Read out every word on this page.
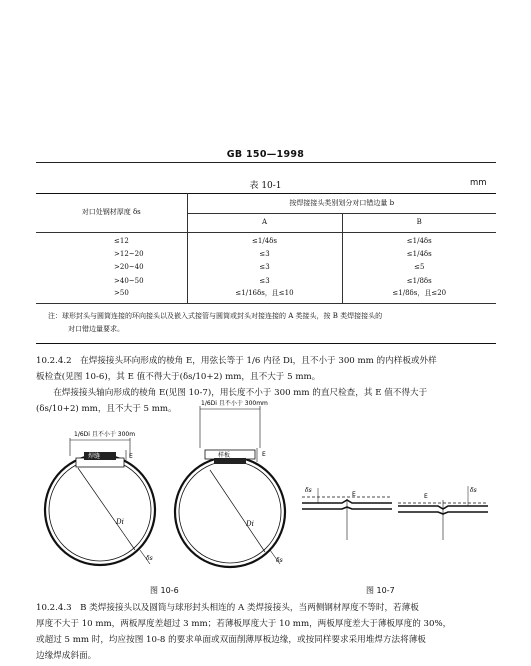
GB 150—1998
表 10-1	mm
对口处钢材厚度 δs	按焊接接头类别划分对口错边量 b	
	A	B
≤12	≤1/4δs	≤1/4δs
>12~20	≤3	≤1/4δs
>20~40	≤3	≤5
>40~50	≤3	≤1/8δs
>50	≤1/16δs，且≤10	≤1/8δs，且≤20

注：球形封头与圆筒连接的环向接头以及嵌入式接管与圆筒或封头对接连接的 A 类接头，按 B 类焊接接头的
对口错边量要求。		
10.2.4.2　在焊接接头环向形成的棱角 E，用弦长等于 1/6 内径 Di，且不小于 300 mm 的内样板或外样
板检查(见图 10-6)，其 E 值不得大于(δs/10+2) mm，且不大于 5 mm。
　　在焊接接头轴向形成的棱角 E(见图 10-7)，用长度不小于 300 mm 的直尺检查，其 E 值不得大于
(δs/10+2) mm，且不大于 5 mm。
1/6Di 且不小于 300m
焊缝	E
Di
δs
1/6Di 且不小于 300mm
样板	E
Di
δs
δs
E
δs
E
图 10-6	图 10-7
10.2.4.3　B 类焊接接头以及圆筒与球形封头相连的 A 类焊接接头，当两侧钢材厚度不等时，若薄板
厚度不大于 10 mm，两板厚度差超过 3 mm；若薄板厚度大于 10 mm，两板厚度差大于薄板厚度的 30%，
或超过 5 mm 时，均应按图 10-8 的要求单面或双面削薄厚板边缘，或按同样要求采用堆焊方法将薄板
边缘焊成斜面。
